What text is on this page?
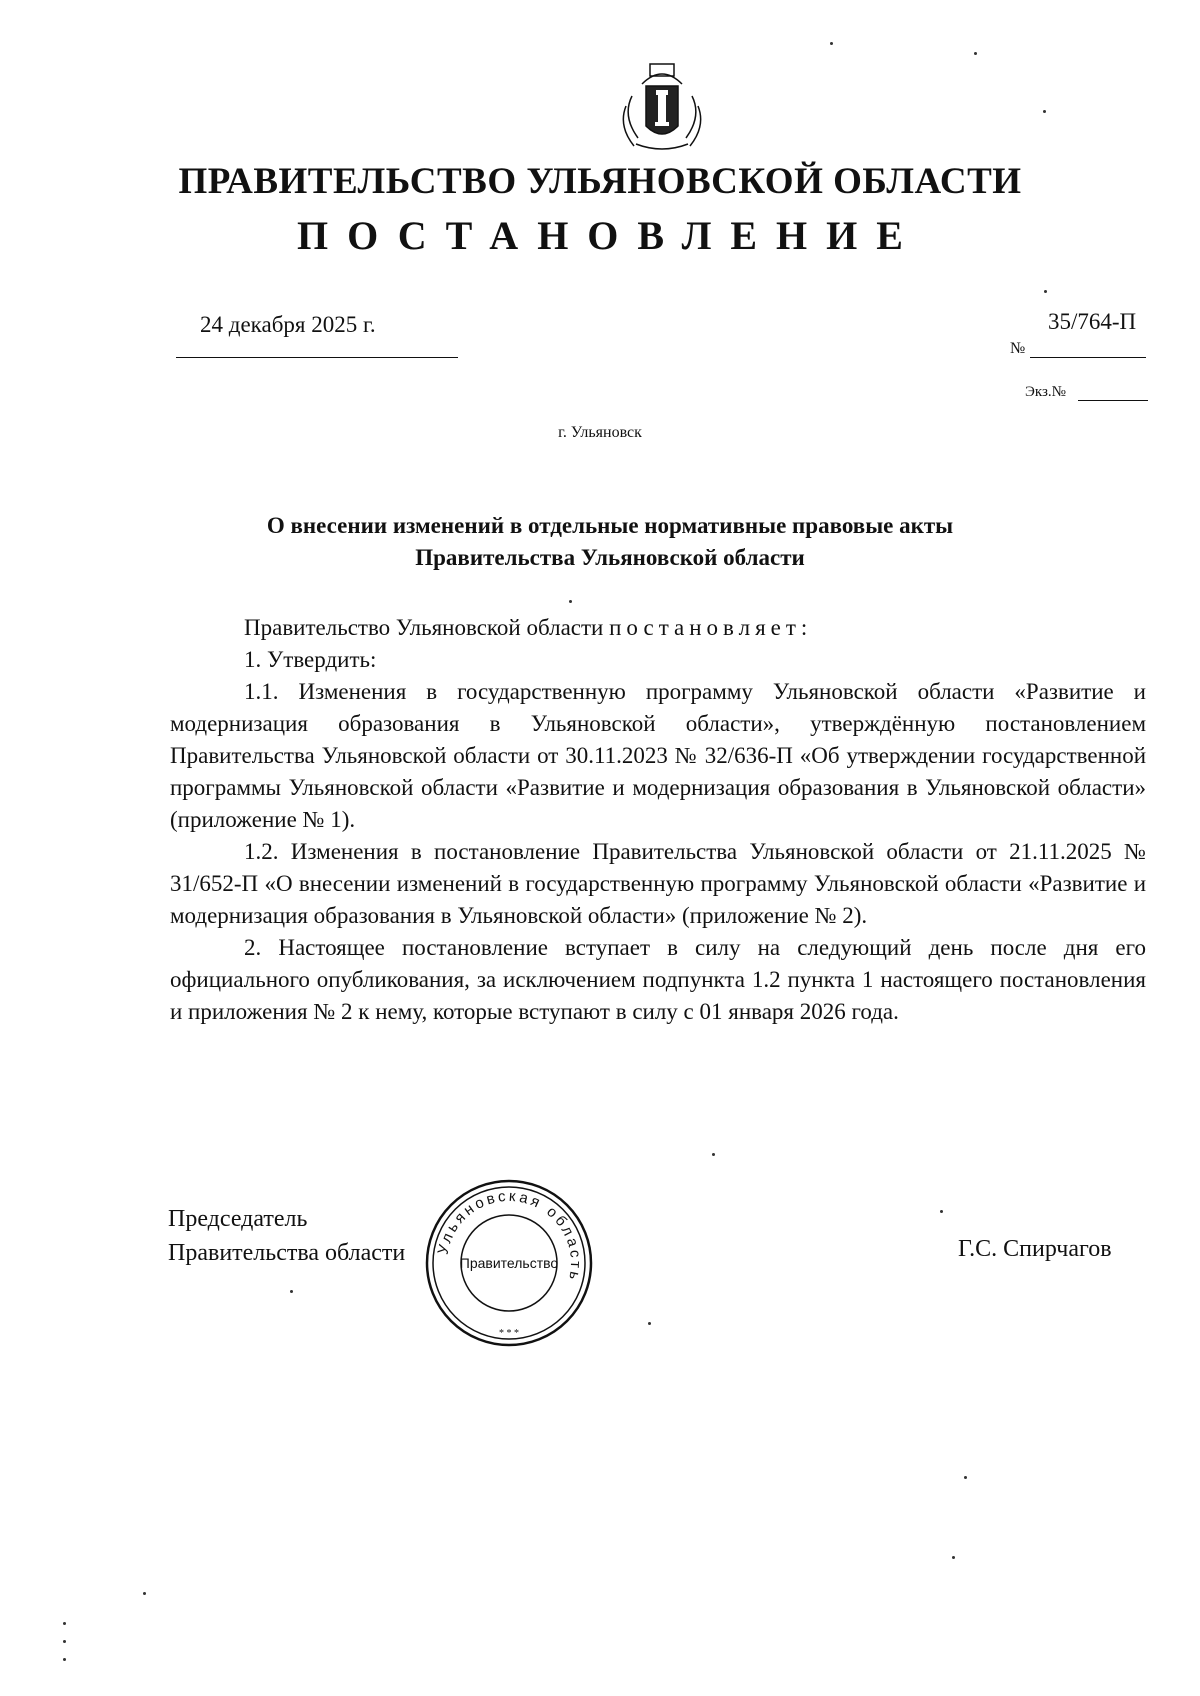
ПРАВИТЕЛЬСТВО УЛЬЯНОВСКОЙ ОБЛАСТИ
ПОСТАНОВЛЕНИЕ
24 декабря 2025 г.
№
35/764-П
Экз.№
г. Ульяновск
О внесении изменений в отдельные нормативные правовые акты
Правительства Ульяновской области

Правительство Ульяновской области постановляет:

1. Утвердить:

1.1. Изменения в государственную программу Ульяновской области «Развитие и модернизация образования в Ульяновской области», утверждённую постановлением Правительства Ульяновской области от 30.11.2023 № 32/636-П «Об утверждении государственной программы Ульяновской области «Развитие и модернизация образования в Ульяновской области» (приложение № 1).

1.2. Изменения в постановление Правительства Ульяновской области от 21.11.2025 № 31/652-П «О внесении изменений в государственную программу Ульяновской области «Развитие и модернизация образования в Ульяновской области» (приложение № 2).

2. Настоящее постановление вступает в силу на следующий день после дня его официального опубликования, за исключением подпункта 1.2 пункта 1 настоящего постановления и приложения № 2 к нему, которые вступают в силу с 01 января 2026 года.

Председатель
Правительства области Ульяновская область
Правительство
* * *
Г.С. Спирчагов
